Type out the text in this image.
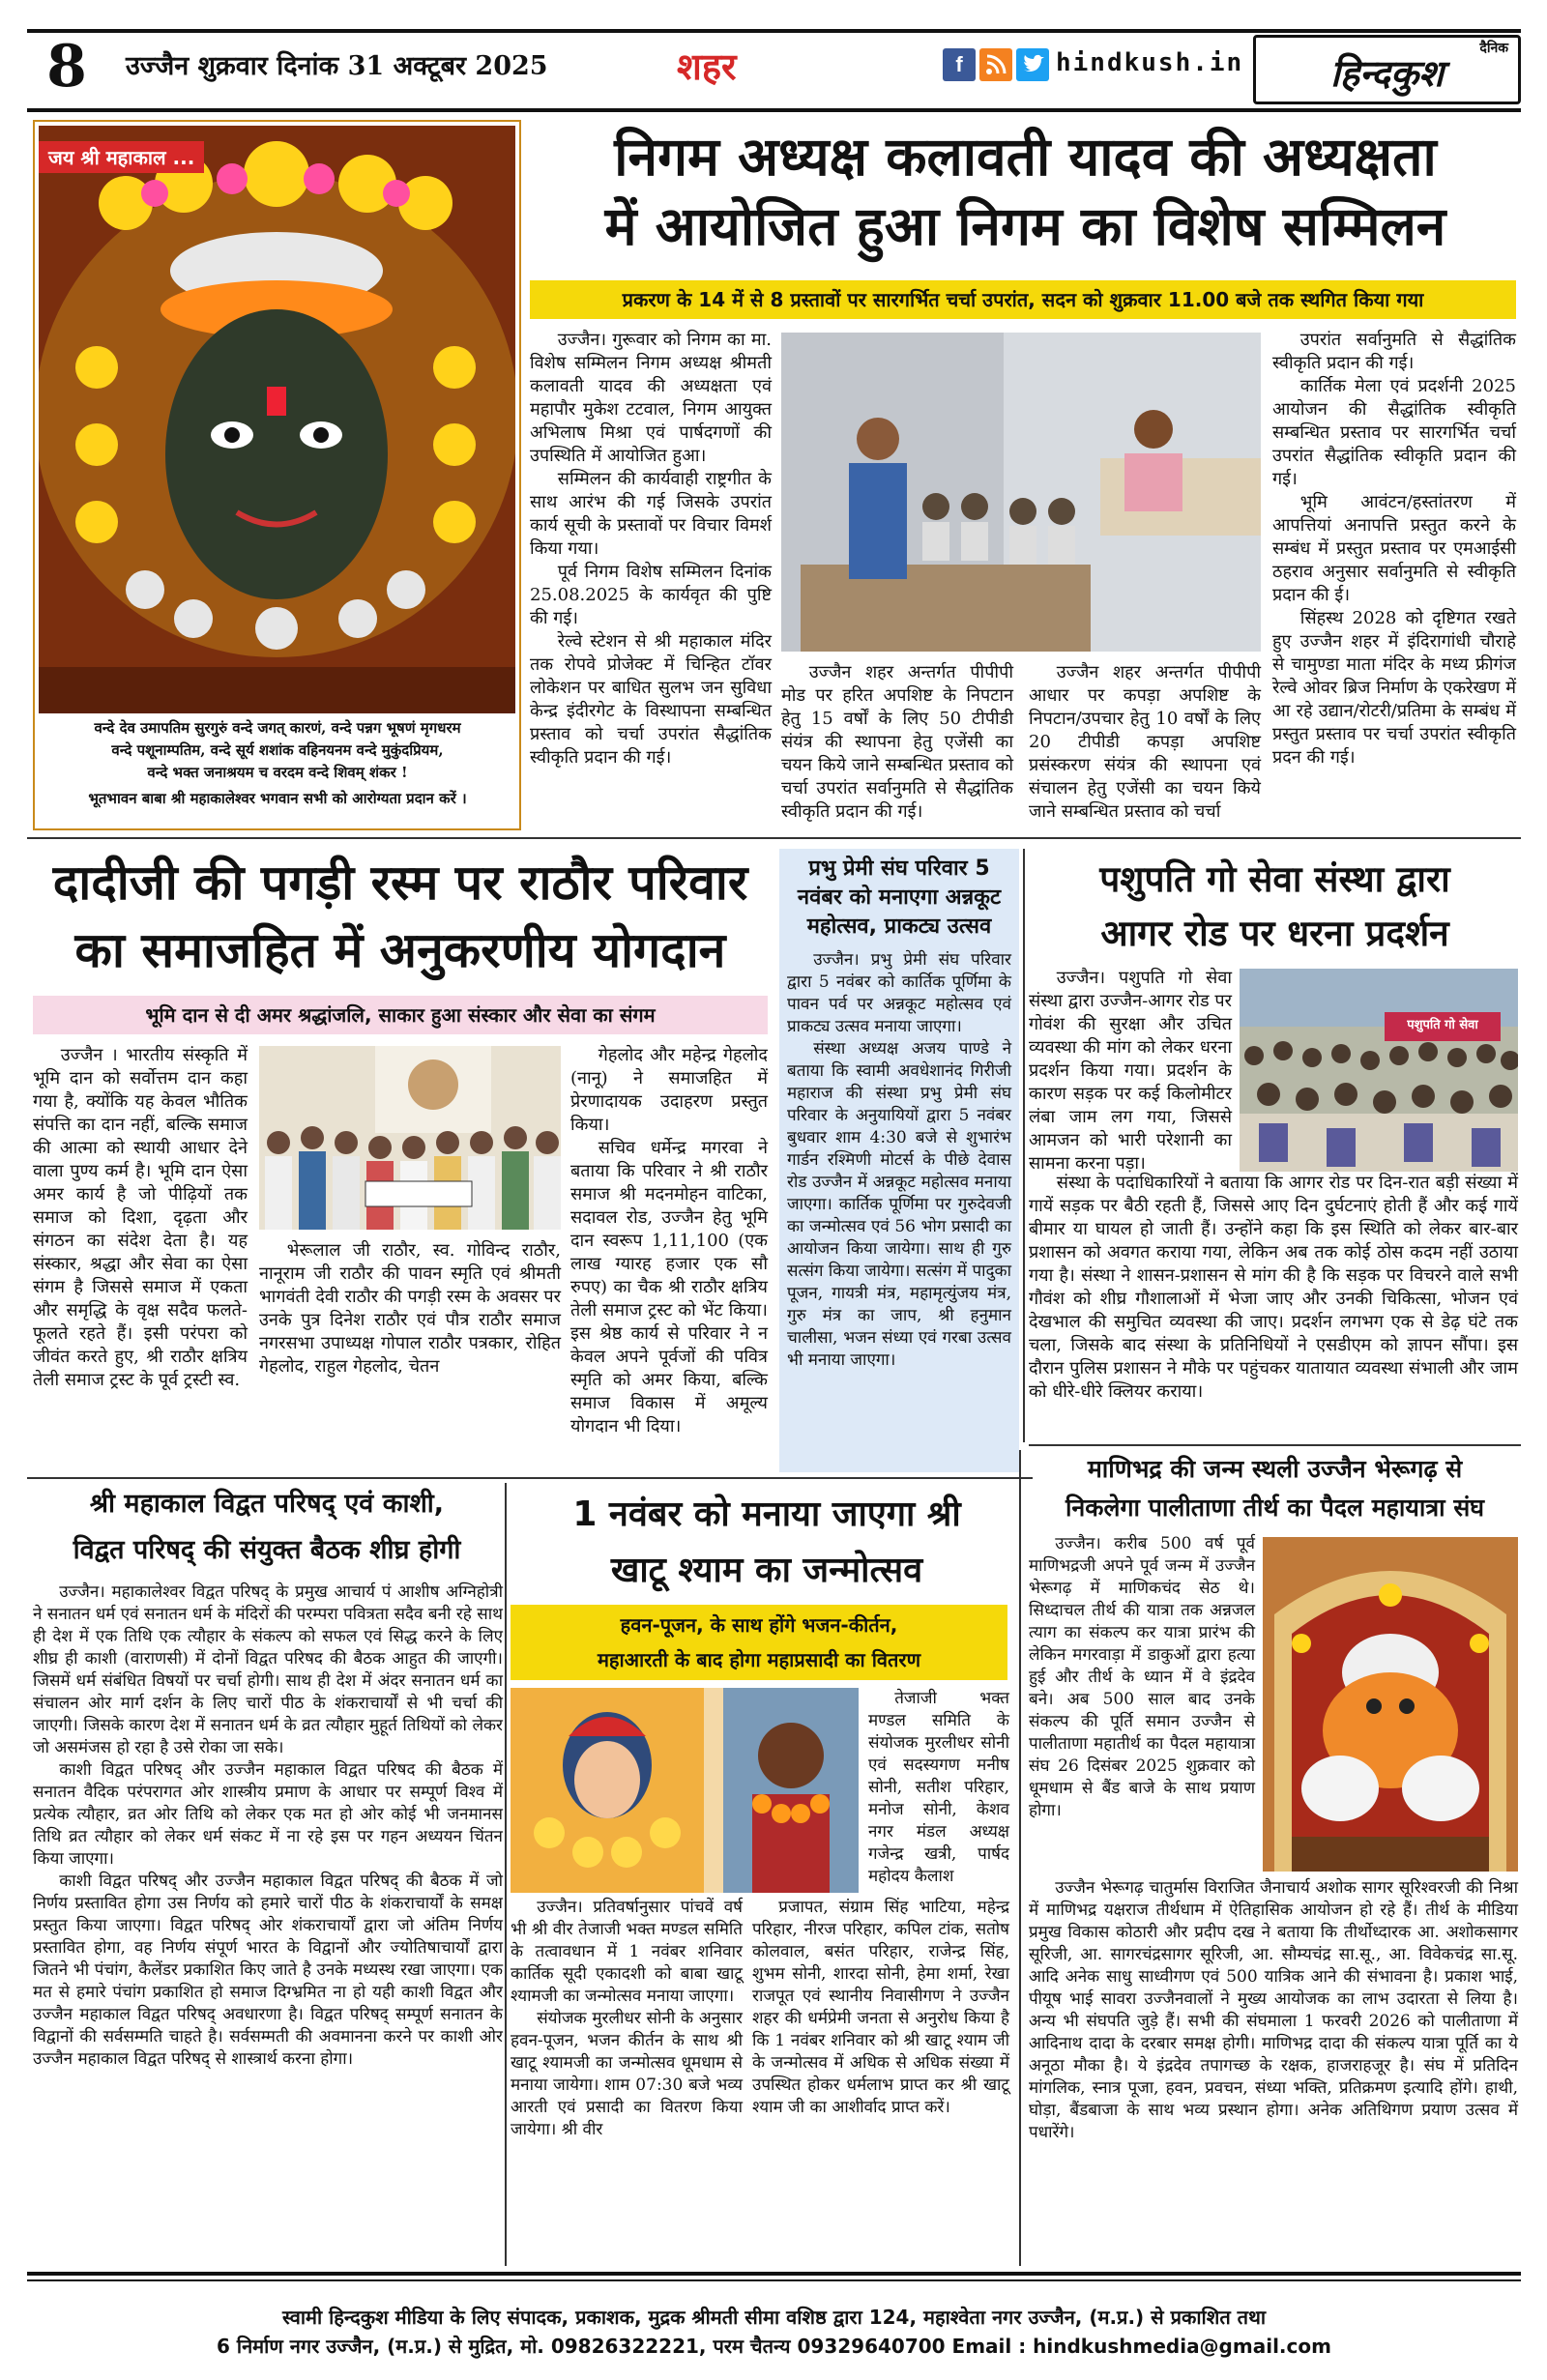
8	उज्जैन शुक्रवार दिनांक 31 अक्टूबर 2025	शहर	f	hindkush.in	दैनिक
हिन्दकुश
जय श्री महाकाल ...
वन्दे देव उमापतिम सुरगुरुं वन्दे जगत् कारणं, वन्दे पन्नग भूषणं मृगधरम
वन्दे पशूनाम्पतिम, वन्दे सूर्य शशांक वहिनयनम वन्दे मुकुंदप्रियम,
वन्दे भक्त जनाश्रयम च वरदम वन्दे शिवम् शंकर !
भूतभावन बाबा श्री महाकालेश्वर भगवान सभी को आरोग्यता प्रदान करें ।
निगम अध्यक्ष कलावती यादव की अध्यक्षता
में आयोजित हुआ निगम का विशेष सम्मिलन
प्रकरण के 14 में से 8 प्रस्तावों पर सारगर्भित चर्चा उपरांत, सदन को शुक्रवार 11.00 बजे तक स्थगित किया गया

उज्जैन। गुरूवार को निगम का मा. विशेष सम्मिलन निगम अध्यक्ष श्रीमती कलावती यादव की अध्यक्षता एवं महापौर मुकेश टटवाल, निगम आयुक्त अभिलाष मिश्रा एवं पार्षदगणों की उपस्थिति में आयोजित हुआ।

सम्मिलन की कार्यवाही राष्ट्रगीत के साथ आरंभ की गई जिसके उपरांत कार्य सूची के प्रस्तावों पर विचार विमर्श किया गया।

पूर्व निगम विशेष सम्मिलन दिनांक 25.08.2025 के कार्यवृत की पुष्टि की गई।

रेल्वे स्टेशन से श्री महाकाल मंदिर तक रोपवे प्रोजेक्ट में चिन्हित टॉवर लोकेशन पर बाधित सुलभ जन सुविधा केन्द्र इंदीरगेट के विस्थापना सम्बन्धित प्रस्ताव को चर्चा उपरांत सैद्धांतिक स्वीकृति प्रदान की गई।

उज्जैन शहर अन्तर्गत पीपीपी मोड पर हरित अपशिष्ट के निपटान हेतु 15 वर्षों के लिए 50 टीपीडी संयंत्र की स्थापना हेतु एजेंसी का चयन किये जाने सम्बन्धित प्रस्ताव को चर्चा उपरांत सर्वानुमति से सैद्धांतिक स्वीकृति प्रदान की गई।

उज्जैन शहर अन्तर्गत पीपीपी आधार पर कपड़ा अपशिष्ट के निपटान/उपचार हेतु 10 वर्षों के लिए 20 टीपीडी कपड़ा अपशिष्ट प्रसंस्करण संयंत्र की स्थापना एवं संचालन हेतु एजेंसी का चयन किये जाने सम्बन्धित प्रस्ताव को चर्चा

उपरांत सर्वानुमति से सैद्धांतिक स्वीकृति प्रदान की गई।

कार्तिक मेला एवं प्रदर्शनी 2025 आयोजन की सैद्धांतिक स्वीकृति सम्बन्धित प्रस्ताव पर सारगर्भित चर्चा उपरांत सैद्धांतिक स्वीकृति प्रदान की गई।

भूमि आवंटन/हस्तांतरण में आपत्तियां अनापत्ति प्रस्तुत करने के सम्बंध में प्रस्तुत प्रस्ताव पर एमआईसी ठहराव अनुसार सर्वानुमति से स्वीकृति प्रदान की ई।

सिंहस्थ 2028 को दृष्टिगत रखते हुए उज्जैन शहर में इंदिरागांधी चौराहे से चामुण्डा माता मंदिर के मध्य फ्रीगंज रेल्वे ओवर ब्रिज निर्माण के एकरेखण में आ रहे उद्यान/रोटरी/प्रतिमा के सम्बंध में प्रस्तुत प्रस्ताव पर चर्चा उपरांत स्वीकृति प्रदन की गई।

दादीजी की पगड़ी रस्म पर राठौर परिवार
का समाजहित में अनुकरणीय योगदान
भूमि दान से दी अमर श्रद्धांजलि, साकार हुआ संस्कार और सेवा का संगम

उज्जैन । भारतीय संस्कृति में भूमि दान को सर्वोत्तम दान कहा गया है, क्योंकि यह केवल भौतिक संपत्ति का दान नहीं, बल्कि समाज की आत्मा को स्थायी आधार देने वाला पुण्य कर्म है। भूमि दान ऐसा अमर कार्य है जो पीढ़ियों तक समाज को दिशा, दृढ़ता और संगठन का संदेश देता है। यह संस्कार, श्रद्धा और सेवा का ऐसा संगम है जिससे समाज में एकता और समृद्धि के वृक्ष सदैव फलते-फूलते रहते हैं। इसी परंपरा को जीवंत करते हुए, श्री राठौर क्षत्रिय तेली समाज ट्रस्ट के पूर्व ट्रस्टी स्व.

भेरूलाल जी राठौर, स्व. गोविन्द राठौर, नानूराम जी राठौर की पावन स्मृति एवं श्रीमती भागवंती देवी राठौर की पगड़ी रस्म के अवसर पर उनके पुत्र दिनेश राठौर एवं पौत्र राठौर समाज नगरसभा उपाध्यक्ष गोपाल राठौर पत्रकार, रोहित गेहलोद, राहुल गेहलोद, चेतन

गेहलोद और महेन्द्र गेहलोद (नानू) ने समाजहित में प्रेरणादायक उदाहरण प्रस्तुत किया।

सचिव धर्मेन्द्र मगरवा ने बताया कि परिवार ने श्री राठौर समाज श्री मदनमोहन वाटिका, सदावल रोड, उज्जैन हेतु भूमि दान स्वरूप 1,11,100 (एक लाख ग्यारह हजार एक सौ रुपए) का चैक श्री राठौर क्षत्रिय तेली समाज ट्रस्ट को भेंट किया। इस श्रेष्ठ कार्य से परिवार ने न केवल अपने पूर्वजों की पवित्र स्मृति को अमर किया, बल्कि समाज विकास में अमूल्य योगदान भी दिया।

प्रभु प्रेमी संघ परिवार 5 नवंबर को मनाएगा अन्नकूट महोत्सव, प्राकट्य उत्सव

उज्जैन। प्रभु प्रेमी संघ परिवार द्वारा 5 नवंबर को कार्तिक पूर्णिमा के पावन पर्व पर अन्नकूट महोत्सव एवं प्राकट्य उत्सव मनाया जाएगा।

संस्था अध्यक्ष अजय पाण्डे ने बताया कि स्वामी अवधेशानंद गिरीजी महाराज की संस्था प्रभु प्रेमी संघ परिवार के अनुयायियों द्वारा 5 नवंबर बुधवार शाम 4:30 बजे से शुभारंभ गार्डन रश्मिणी मोटर्स के पीछे देवास रोड उज्जैन में अन्नकूट महोत्सव मनाया जाएगा। कार्तिक पूर्णिमा पर गुरुदेवजी का जन्मोत्सव एवं 56 भोग प्रसादी का आयोजन किया जायेगा। साथ ही गुरु सत्संग किया जायेगा। सत्संग में पादुका पूजन, गायत्री मंत्र, महामृत्युंजय मंत्र, गुरु मंत्र का जाप, श्री हनुमान चालीसा, भजन संध्या एवं गरबा उत्सव भी मनाया जाएगा।

पशुपति गो सेवा संस्था द्वारा
आगर रोड पर धरना प्रदर्शन
पशुपति गो सेवा

उज्जैन। पशुपति गो सेवा संस्था द्वारा उज्जैन-आगर रोड पर गोवंश की सुरक्षा और उचित व्यवस्था की मांग को लेकर धरना प्रदर्शन किया गया। प्रदर्शन के कारण सड़क पर कई किलोमीटर लंबा जाम लग गया, जिससे आमजन को भारी परेशानी का सामना करना पड़ा।

संस्था के पदाधिकारियों ने बताया कि आगर रोड पर दिन-रात बड़ी संख्या में गायें सड़क पर बैठी रहती हैं, जिससे आए दिन दुर्घटनाएं होती हैं और कई गायें बीमार या घायल हो जाती हैं। उन्होंने कहा कि इस स्थिति को लेकर बार-बार प्रशासन को अवगत कराया गया, लेकिन अब तक कोई ठोस कदम नहीं उठाया गया है। संस्था ने शासन-प्रशासन से मांग की है कि सड़क पर विचरने वाले सभी गौवंश को शीघ्र गौशालाओं में भेजा जाए और उनकी चिकित्सा, भोजन एवं देखभाल की समुचित व्यवस्था की जाए। प्रदर्शन लगभग एक से डेढ़ घंटे तक चला, जिसके बाद संस्था के प्रतिनिधियों ने एसडीएम को ज्ञापन सौंपा। इस दौरान पुलिस प्रशासन ने मौके पर पहुंचकर यातायात व्यवस्था संभाली और जाम को धीरे-धीरे क्लियर कराया।

श्री महाकाल विद्वत परिषद् एवं काशी,
विद्वत परिषद् की संयुक्त बैठक शीघ्र होगी

उज्जैन। महाकालेश्वर विद्वत परिषद् के प्रमुख आचार्य पं आशीष अग्निहोत्री ने सनातन धर्म एवं सनातन धर्म के मंदिरों की परम्परा पवित्रता सदैव बनी रहे साथ ही देश में एक तिथि एक त्यौहार के संकल्प को सफल एवं सिद्ध करने के लिए शीघ्र ही काशी (वाराणसी) में दोनों विद्वत परिषद की बैठक आहुत की जाएगी। जिसमें धर्म संबंधित विषयों पर चर्चा होगी। साथ ही देश में अंदर सनातन धर्म का संचालन ओर मार्ग दर्शन के लिए चारों पीठ के शंकराचार्यों से भी चर्चा की जाएगी। जिसके कारण देश में सनातन धर्म के व्रत त्यौहार मुहूर्त तिथियों को लेकर जो असमंजस हो रहा है उसे रोका जा सके।

काशी विद्वत परिषद् और उज्जैन महाकाल विद्वत परिषद की बैठक में सनातन वैदिक परंपरागत ओर शास्त्रीय प्रमाण के आधार पर सम्पूर्ण विश्व में प्रत्येक त्यौहार, व्रत ओर तिथि को लेकर एक मत हो ओर कोई भी जनमानस तिथि व्रत त्यौहार को लेकर धर्म संकट में ना रहे इस पर गहन अध्ययन चिंतन किया जाएगा।

काशी विद्वत परिषद् और उज्जैन महाकाल विद्वत परिषद् की बैठक में जो निर्णय प्रस्तावित होगा उस निर्णय को हमारे चारों पीठ के शंकराचार्यों के समक्ष प्रस्तुत किया जाएगा। विद्वत परिषद् ओर शंकराचार्यों द्वारा जो अंतिम निर्णय प्रस्तावित होगा, वह निर्णय संपूर्ण भारत के विद्वानों और ज्योतिषाचार्यों द्वारा जितने भी पंचांग, कैलेंडर प्रकाशित किए जाते है उनके मध्यस्थ रखा जाएगा। एक मत से हमारे पंचांग प्रकाशित हो समाज दिग्भ्रमित ना हो यही काशी विद्वत और उज्जैन महाकाल विद्वत परिषद् अवधारणा है। विद्वत परिषद् सम्पूर्ण सनातन के विद्वानों की सर्वसम्मति चाहते है। सर्वसम्मती की अवमानना करने पर काशी ओर उज्जैन महाकाल विद्वत परिषद् से शास्त्रार्थ करना होगा।

1 नवंबर को मनाया जाएगा श्री
खाटू श्याम का जन्मोत्सव
हवन-पूजन, के साथ होंगे भजन-कीर्तन,
महाआरती के बाद होगा महाप्रसादी का वितरण

तेजाजी भक्त मण्डल समिति के संयोजक मुरलीधर सोनी एवं सदस्यगण मनीष सोनी, सतीश परिहार, मनोज सोनी, केशव नगर मंडल अध्यक्ष गजेन्द्र खत्री, पार्षद महोदय कैलाश

उज्जैन। प्रतिवर्षानुसार पांचवें वर्ष भी श्री वीर तेजाजी भक्त मण्डल समिति के तत्वावधान में 1 नवंबर शनिवार कार्तिक सूदी एकादशी को बाबा खाटू श्यामजी का जन्मोत्सव मनाया जाएगा।

संयोजक मुरलीधर सोनी के अनुसार हवन-पूजन, भजन कीर्तन के साथ श्री खाटू श्यामजी का जन्मोत्सव धूमधाम से मनाया जायेगा। शाम 07:30 बजे भव्य आरती एवं प्रसादी का वितरण किया जायेगा। श्री वीर

प्रजापत, संग्राम सिंह भाटिया, महेन्द्र परिहार, नीरज परिहार, कपिल टांक, सतोष कोलवाल, बसंत परिहार, राजेन्द्र सिंह, शुभम सोनी, शारदा सोनी, हेमा शर्मा, रेखा राजपूत एवं स्थानीय निवासीगण ने उज्जैन शहर की धर्मप्रेमी जनता से अनुरोध किया है कि 1 नवंबर शनिवार को श्री खाटू श्याम जी के जन्मोत्सव में अधिक से अधिक संख्या में उपस्थित होकर धर्मलाभ प्राप्त कर श्री खाटू श्याम जी का आशीर्वाद प्राप्त करें।

माणिभद्र की जन्म स्थली उज्जैन भेरूगढ़ से
निकलेगा पालीताणा तीर्थ का पैदल महायात्रा संघ

उज्जैन। करीब 500 वर्ष पूर्व माणिभद्रजी अपने पूर्व जन्म में उज्जैन भेरूगढ़ में माणिकचंद सेठ थे। सिध्दाचल तीर्थ की यात्रा तक अन्नजल त्याग का संकल्प कर यात्रा प्रारंभ की लेकिन मगरवाड़ा में डाकुओं द्वारा हत्या हुई और तीर्थ के ध्यान में वे इंद्रदेव बने। अब 500 साल बाद उनके संकल्प की पूर्ति समान उज्जैन से पालीताणा महातीर्थ का पैदल महायात्रा संघ 26 दिसंबर 2025 शुक्रवार को धूमधाम से बैंड बाजे के साथ प्रयाण होगा।

उज्जैन भेरूगढ़ चातुर्मास विराजित जैनाचार्य अशोक सागर सूरिश्वरजी की निश्रा में माणिभद्र यक्षराज तीर्थधाम में ऐतिहासिक आयोजन हो रहे हैं। तीर्थ के मीडिया प्रमुख विकास कोठारी और प्रदीप दख ने बताया कि तीर्थोध्दारक आ. अशोकसागर सूरिजी, आ. सागरचंद्रसागर सूरिजी, आ. सौम्यचंद्र सा.सू., आ. विवेकचंद्र सा.सू. आदि अनेक साधु साध्वीगण एवं 500 यात्रिक आने की संभावना है। प्रकाश भाई, पीयूष भाई सावरा उज्जैनवालों ने मुख्य आयोजक का लाभ उदारता से लिया है। अन्य भी संघपति जुड़े हैं। सभी की संघमाला 1 फरवरी 2026 को पालीताणा में आदिनाथ दादा के दरबार समक्ष होगी। माणिभद्र दादा की संकल्प यात्रा पूर्ति का ये अनूठा मौका है। ये इंद्रदेव तपागच्छ के रक्षक, हाजराहजूर है। संघ में प्रतिदिन मांगलिक, स्नात्र पूजा, हवन, प्रवचन, संध्या भक्ति, प्रतिक्रमण इत्यादि होंगे। हाथी, घोड़ा, बैंडबाजा के साथ भव्य प्रस्थान होगा। अनेक अतिथिगण प्रयाण उत्सव में पधारेंगे।

स्वामी हिन्दकुश मीडिया के लिए संपादक, प्रकाशक, मुद्रक श्रीमती सीमा वशिष्ठ द्वारा 124, महाश्वेता नगर उज्जैन, (म.प्र.) से प्रकाशित तथा
6 निर्माण नगर उज्जैन, (म.प्र.) से मुद्रित, मो. 09826322221, परम चैतन्य 09329640700 Email : hindkushmedia@gmail.com
